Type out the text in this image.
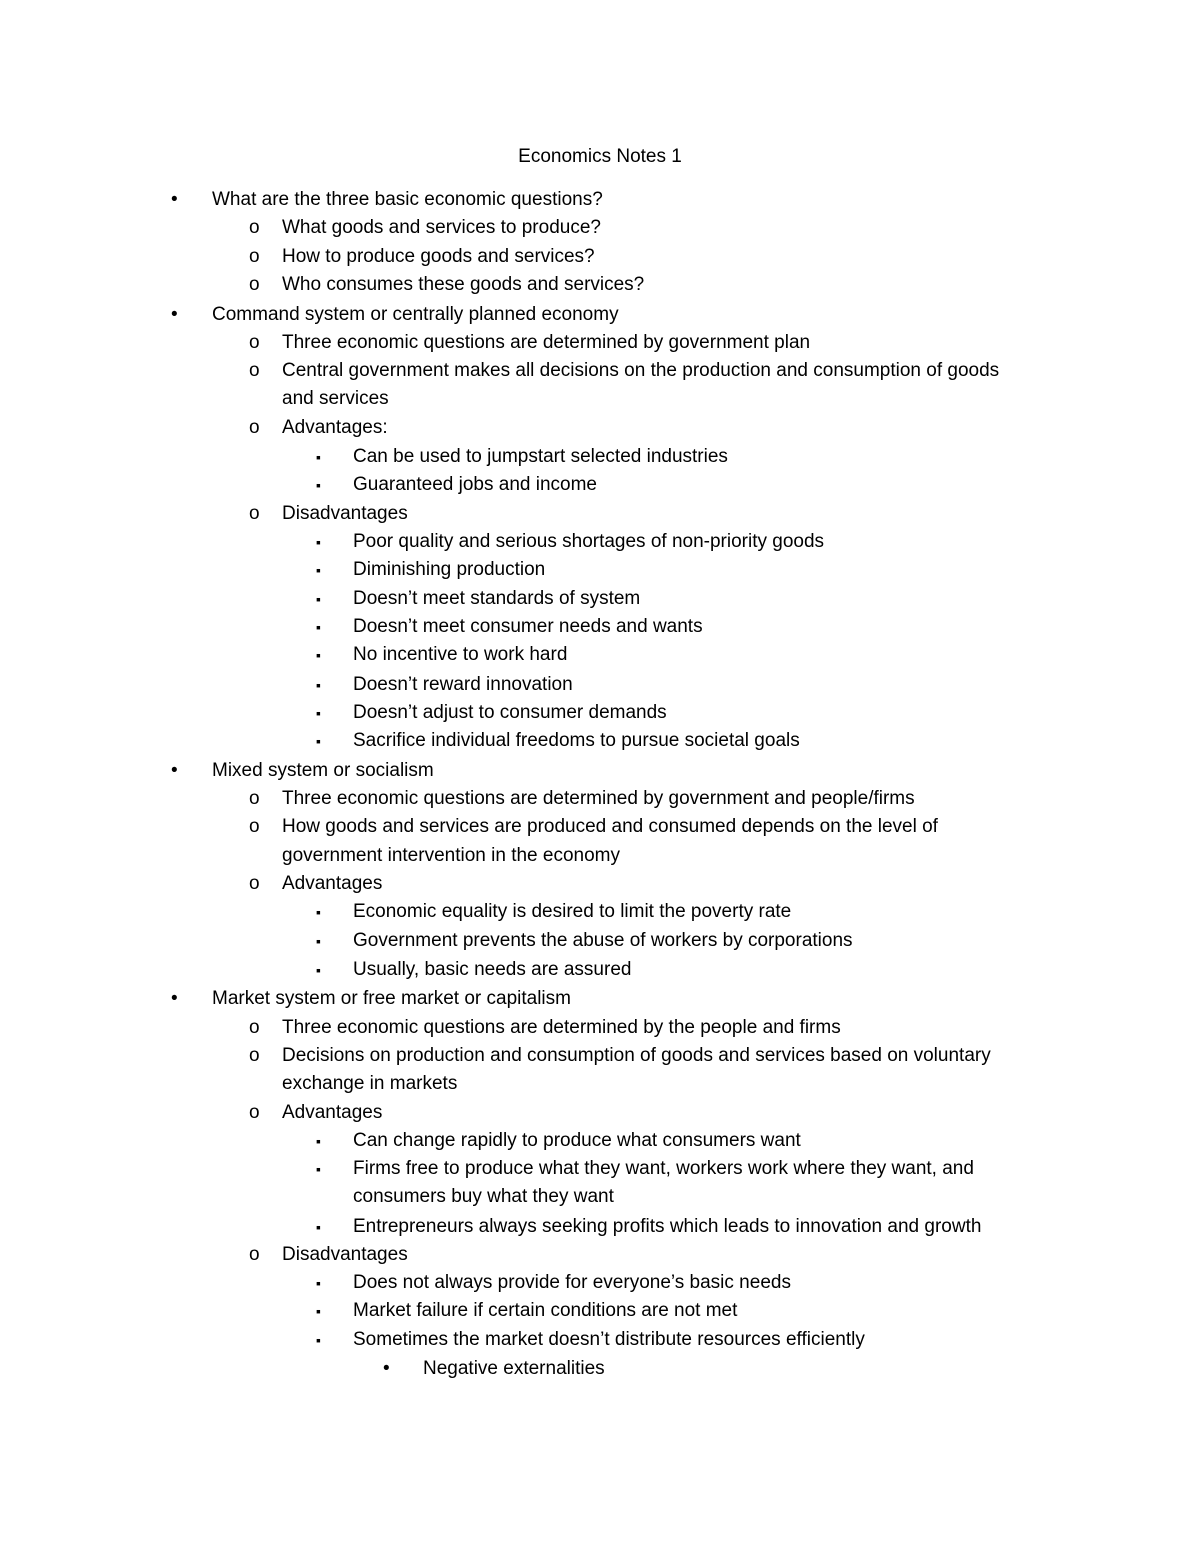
Economics Notes 1
• What are the three basic economic questions?
o What goods and services to produce?
o How to produce goods and services?
o Who consumes these goods and services?
• Command system or centrally planned economy
o Three economic questions are determined by government plan
o Central government makes all decisions on the production and consumption of goods
and services
o Advantages:
▪ Can be used to jumpstart selected industries
▪ Guaranteed jobs and income
o Disadvantages
▪ Poor quality and serious shortages of non-priority goods
▪ Diminishing production
▪ Doesn’t meet standards of system
▪ Doesn’t meet consumer needs and wants
▪ No incentive to work hard
▪ Doesn’t reward innovation
▪ Doesn’t adjust to consumer demands
▪ Sacrifice individual freedoms to pursue societal goals
• Mixed system or socialism
o Three economic questions are determined by government and people/firms
o How goods and services are produced and consumed depends on the level of
government intervention in the economy
o Advantages
▪ Economic equality is desired to limit the poverty rate
▪ Government prevents the abuse of workers by corporations
▪ Usually, basic needs are assured
• Market system or free market or capitalism
o Three economic questions are determined by the people and firms
o Decisions on production and consumption of goods and services based on voluntary
exchange in markets
o Advantages
▪ Can change rapidly to produce what consumers want
▪ Firms free to produce what they want, workers work where they want, and
consumers buy what they want
▪ Entrepreneurs always seeking profits which leads to innovation and growth
o Disadvantages
▪ Does not always provide for everyone’s basic needs
▪ Market failure if certain conditions are not met
▪ Sometimes the market doesn’t distribute resources efficiently
• Negative externalities
